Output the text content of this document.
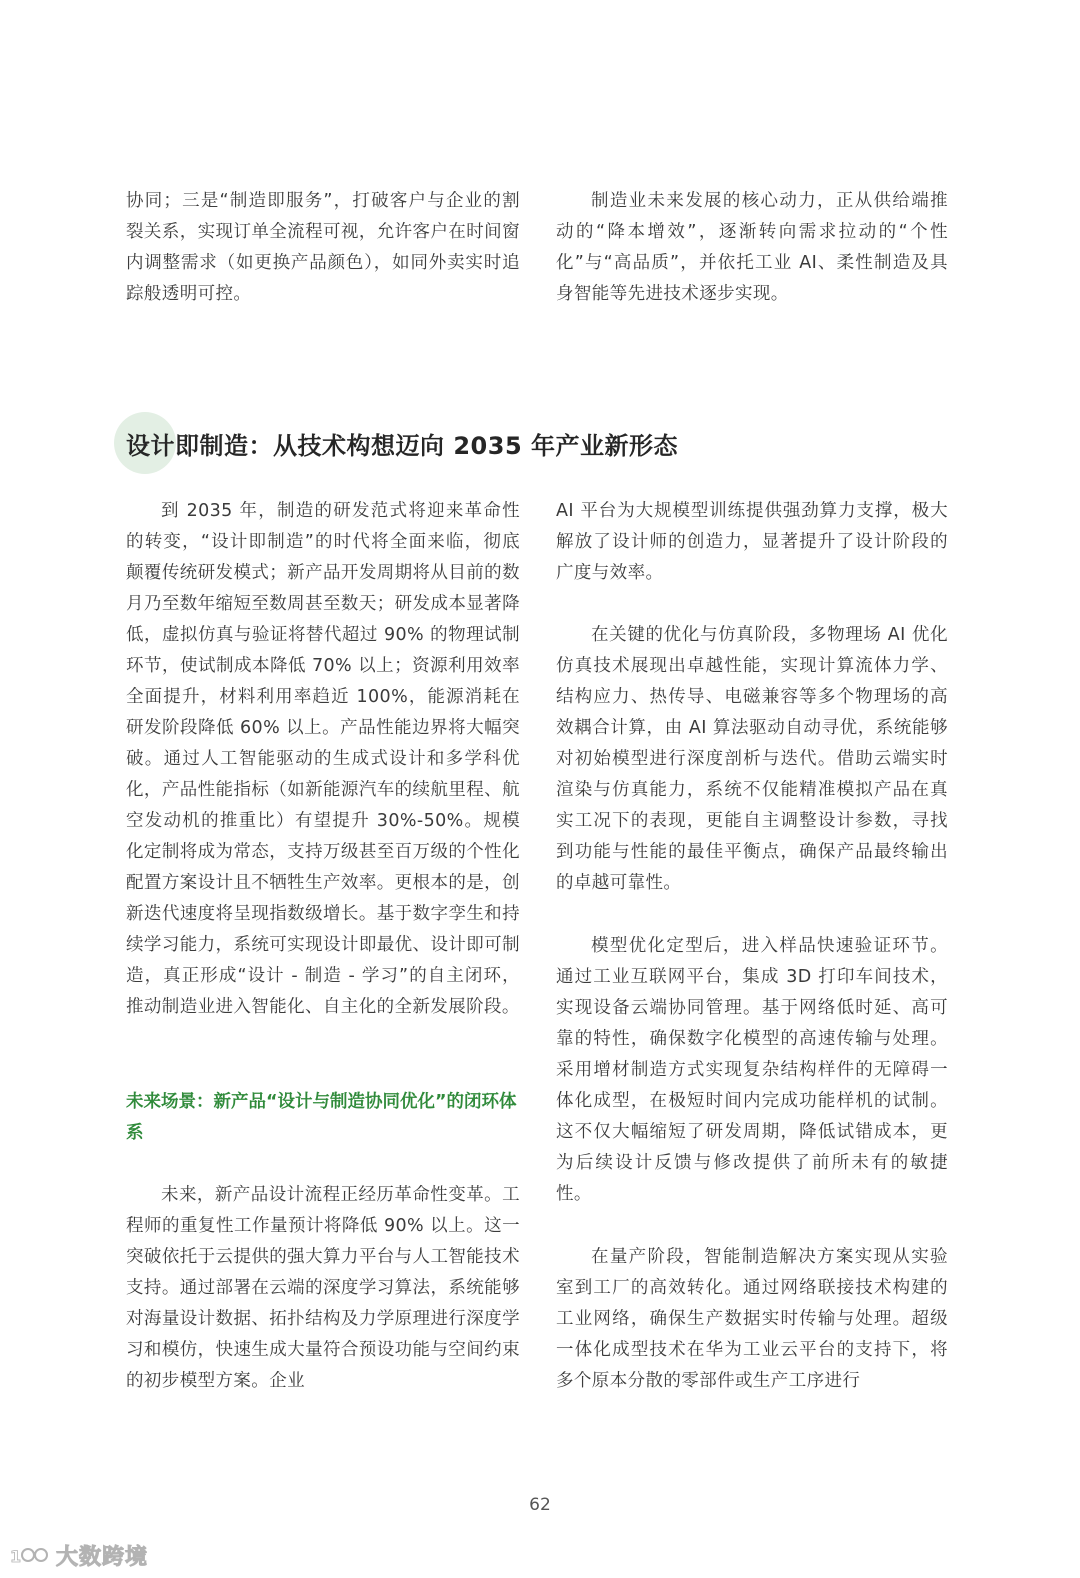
协同；三是“制造即服务”，打破客户与企业的割裂关系，实现订单全流程可视，允许客户在时间窗内调整需求（如更换产品颜色），如同外卖实时追踪般透明可控。

制造业未来发展的核心动力，正从供给端推动的“降本增效”，逐渐转向需求拉动的“个性化”与“高品质”，并依托工业 AI、柔性制造及具身智能等先进技术逐步实现。

设计即制造：从技术构想迈向 2035 年产业新形态

到 2035 年，制造的研发范式将迎来革命性的转变，“设计即制造”的时代将全面来临，彻底颠覆传统研发模式；新产品开发周期将从目前的数月乃至数年缩短至数周甚至数天；研发成本显著降低，虚拟仿真与验证将替代超过 90% 的物理试制环节，使试制成本降低 70% 以上；资源利用效率全面提升，材料利用率趋近 100%，能源消耗在研发阶段降低 60% 以上。产品性能边界将大幅突破。通过人工智能驱动的生成式设计和多学科优化，产品性能指标（如新能源汽车的续航里程、航空发动机的推重比）有望提升 30%-50%。规模化定制将成为常态，支持万级甚至百万级的个性化配置方案设计且不牺牲生产效率。更根本的是，创新迭代速度将呈现指数级增长。基于数字孪生和持续学习能力，系统可实现设计即最优、设计即可制造，真正形成“设计 - 制造 - 学习”的自主闭环，推动制造业进入智能化、自主化的全新发展阶段。

未来场景：新产品“设计与制造协同优化”的闭环体系

未来，新产品设计流程正经历革命性变革。工程师的重复性工作量预计将降低 90% 以上。这一突破依托于云提供的强大算力平台与人工智能技术支持。通过部署在云端的深度学习算法，系统能够对海量设计数据、拓扑结构及力学原理进行深度学习和模仿，快速生成大量符合预设功能与空间约束的初步模型方案。企业

AI 平台为大规模型训练提供强劲算力支撑，极大解放了设计师的创造力，显著提升了设计阶段的广度与效率。

在关键的优化与仿真阶段，多物理场 AI 优化仿真技术展现出卓越性能，实现计算流体力学、结构应力、热传导、电磁兼容等多个物理场的高效耦合计算，由 AI 算法驱动自动寻优，系统能够对初始模型进行深度剖析与迭代。借助云端实时渲染与仿真能力，系统不仅能精准模拟产品在真实工况下的表现，更能自主调整设计参数，寻找到功能与性能的最佳平衡点，确保产品最终输出的卓越可靠性。

模型优化定型后，进入样品快速验证环节。通过工业互联网平台，集成 3D 打印车间技术，实现设备云端协同管理。基于网络低时延、高可靠的特性，确保数字化模型的高速传输与处理。采用增材制造方式实现复杂结构样件的无障碍一体化成型，在极短时间内完成功能样机的试制。这不仅大幅缩短了研发周期，降低试错成本，更为后续设计反馈与修改提供了前所未有的敏捷性。

在量产阶段，智能制造解决方案实现从实验室到工厂的高效转化。通过网络联接技术构建的工业网络，确保生产数据实时传输与处理。超级一体化成型技术在华为工业云平台的支持下，将多个原本分散的零部件或生产工序进行

62
1 大数跨境
